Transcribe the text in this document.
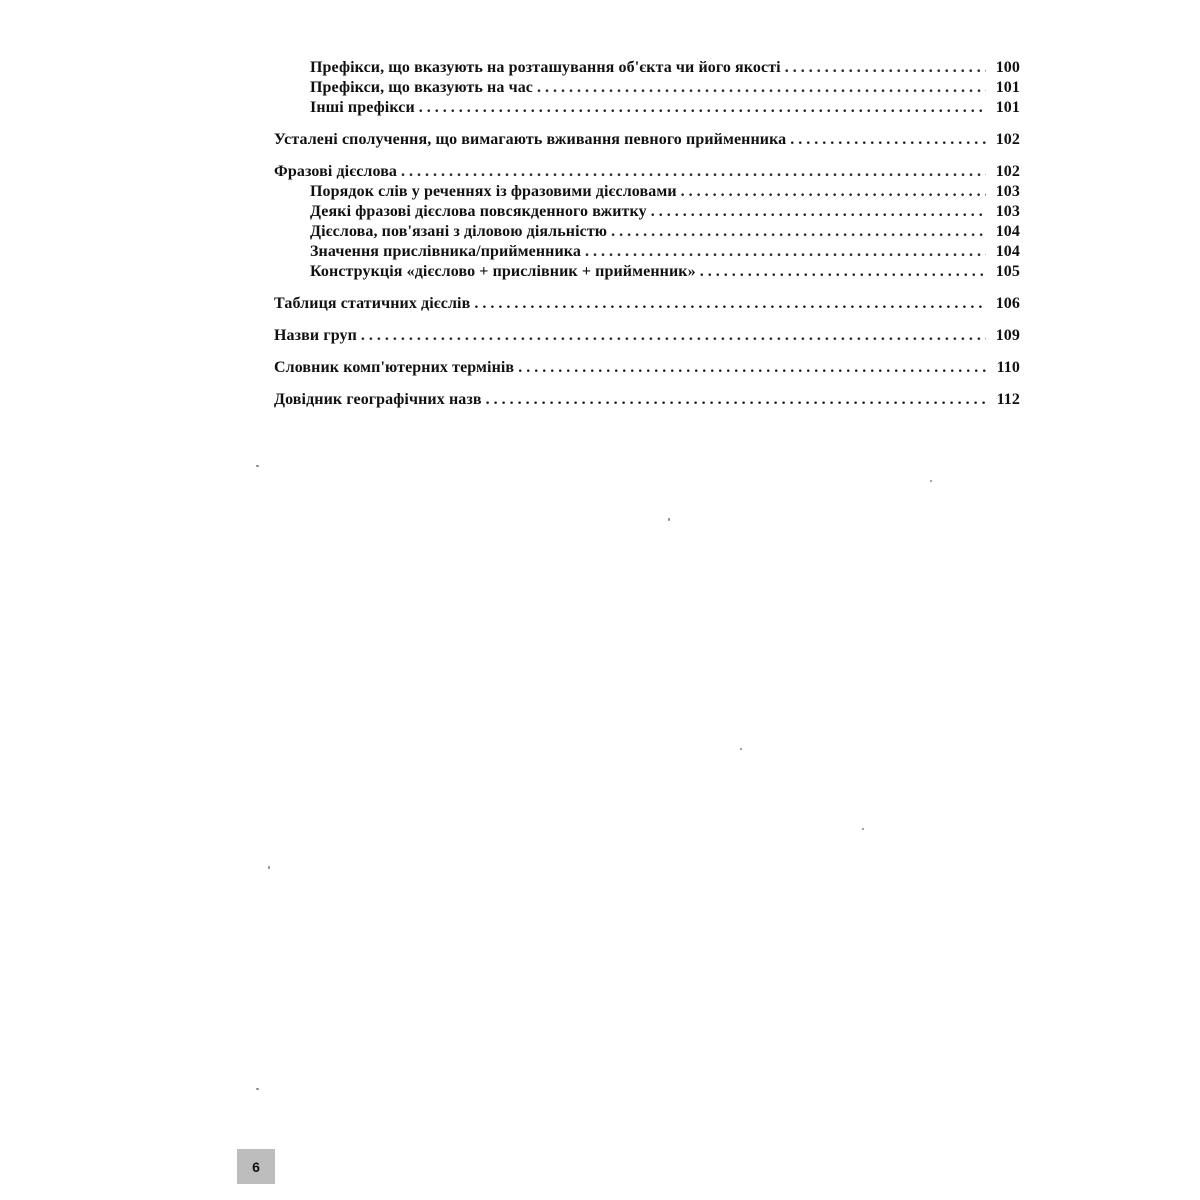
Префікси, що вказують на розташування об'єкта чи його якості . . .	100
Префікси, що вказують на час . . .	101
Інші префікси . . .	101
Усталені сполучення, що вимагають вживання певного прийменника . . .	102
Фразові дієслова . . .	102
Порядок слів у реченнях із фразовими дієсловами . . .	103
Деякі фразові дієслова повсякденного вжитку . . .	103
Дієслова, пов'язані з діловою діяльністю . . .	104
Значення прислівника/прийменника . . .	104
Конструкція «дієслово + прислівник + прийменник» . . .	105
Таблиця статичних дієслів . . .	106
Назви груп . . .	109
Словник комп'ютерних термінів . . .	110
Довідник географічних назв . . .	112
6
